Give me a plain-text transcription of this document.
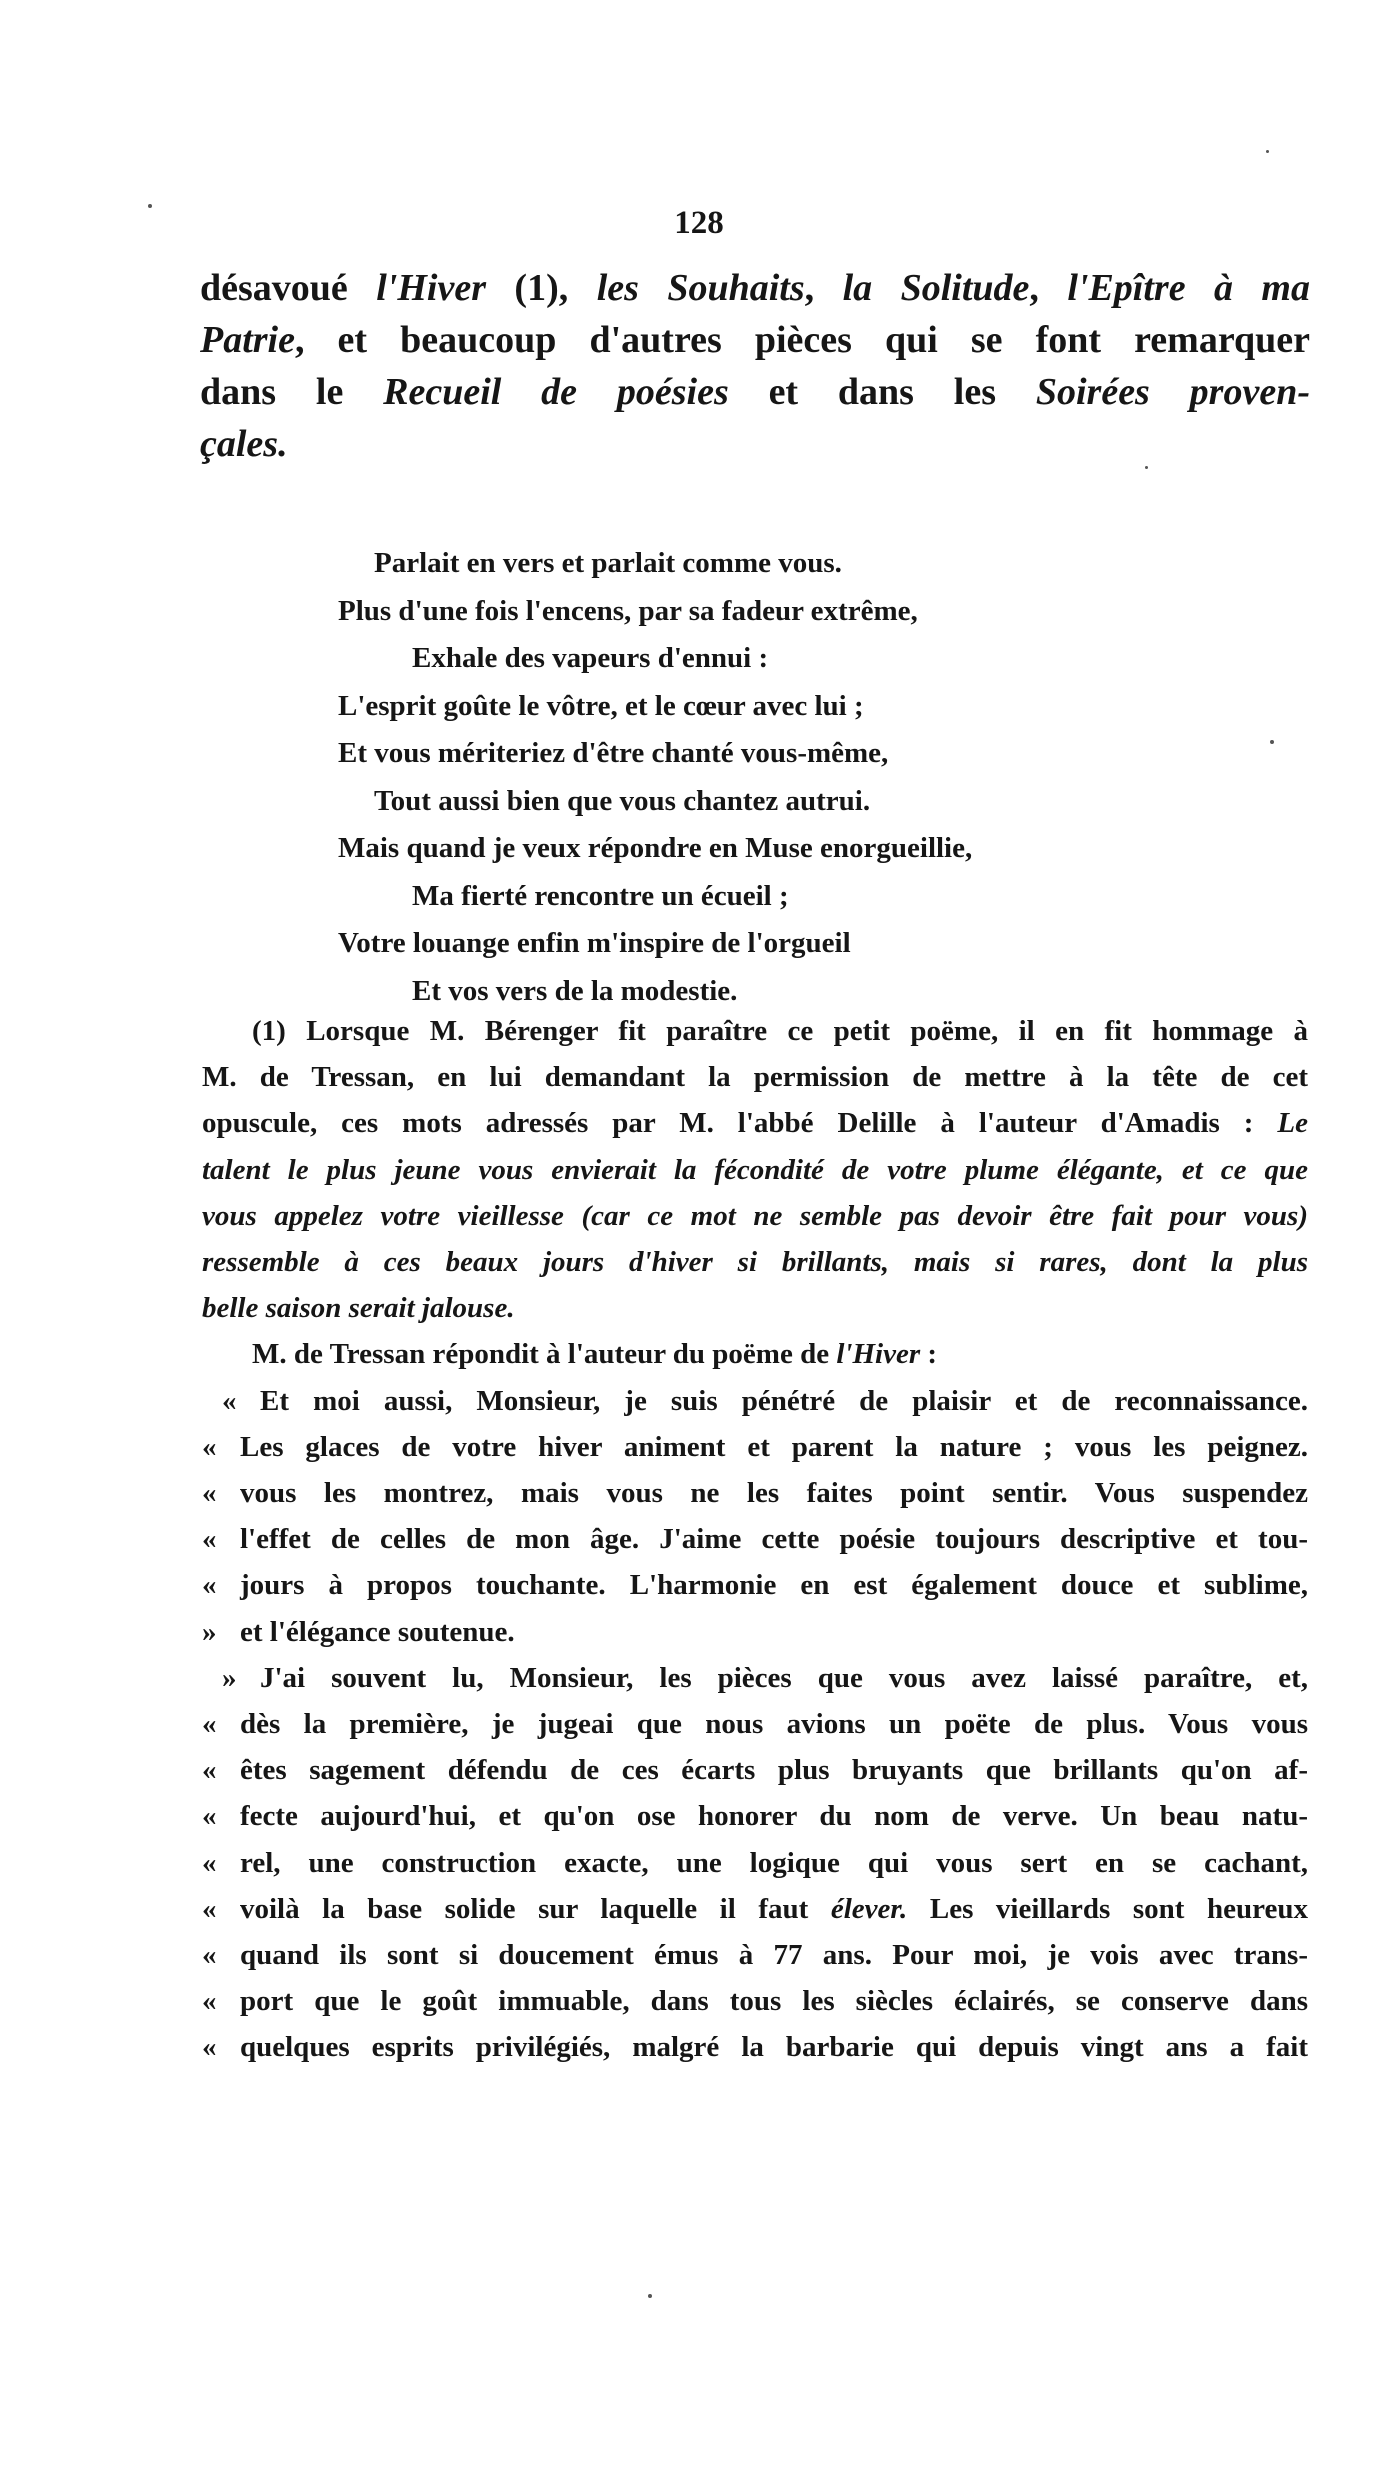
128
désavoué l'Hiver (1), les Souhaits, la Solitude, l'Epître à ma
Patrie, et beaucoup d'autres pièces qui se font remarquer
dans le Recueil de poésies et dans les Soirées proven-
çales.
Parlait en vers et parlait comme vous.
Plus d'une fois l'encens, par sa fadeur extrême,
Exhale des vapeurs d'ennui :
L'esprit goûte le vôtre, et le cœur avec lui ;
Et vous mériteriez d'être chanté vous-même,
Tout aussi bien que vous chantez autrui.
Mais quand je veux répondre en Muse enorgueillie,
Ma fierté rencontre un écueil ;
Votre louange enfin m'inspire de l'orgueil
Et vos vers de la modestie.
(1) Lorsque M. Bérenger fit paraître ce petit poëme, il en fit hommage à
M. de Tressan, en lui demandant la permission de mettre à la tête de cet
opuscule, ces mots adressés par M. l'abbé Delille à l'auteur d'Amadis : Le
talent le plus jeune vous envierait la fécondité de votre plume élégante, et ce que
vous appelez votre vieillesse (car ce mot ne semble pas devoir être fait pour vous)
ressemble à ces beaux jours d'hiver si brillants, mais si rares, dont la plus
belle saison serait jalouse.
M. de Tressan répondit à l'auteur du poëme de l'Hiver :
« Et moi aussi, Monsieur, je suis pénétré de plaisir et de reconnaissance.
« Les glaces de votre hiver animent et parent la nature ; vous les peignez.
« vous les montrez, mais vous ne les faites point sentir. Vous suspendez
« l'effet de celles de mon âge. J'aime cette poésie toujours descriptive et tou-
« jours à propos touchante. L'harmonie en est également douce et sublime,
» et l'élégance soutenue.
» J'ai souvent lu, Monsieur, les pièces que vous avez laissé paraître, et,
« dès la première, je jugeai que nous avions un poëte de plus. Vous vous
« êtes sagement défendu de ces écarts plus bruyants que brillants qu'on af-
« fecte aujourd'hui, et qu'on ose honorer du nom de verve. Un beau natu-
« rel, une construction exacte, une logique qui vous sert en se cachant,
« voilà la base solide sur laquelle il faut élever. Les vieillards sont heureux
« quand ils sont si doucement émus à 77 ans. Pour moi, je vois avec trans-
« port que le goût immuable, dans tous les siècles éclairés, se conserve dans
« quelques esprits privilégiés, malgré la barbarie qui depuis vingt ans a fait
